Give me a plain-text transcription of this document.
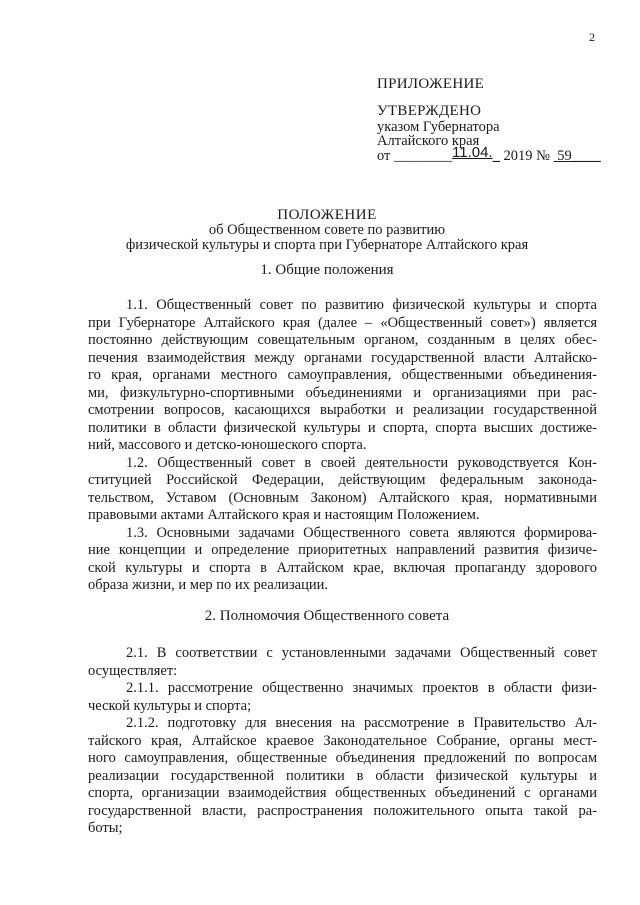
2
ПРИЛОЖЕНИЕ
УТВЕРЖДЕНО
указом Губернатора
Алтайского края
от ________11.04._ 2019 № 59____
ПОЛОЖЕНИЕ
об Общественном совете по развитию
физической культуры и спорта при Губернаторе Алтайского края
1. Общие положения
1.1. Общественный совет по развитию физической культуры и спорта
при Губернаторе Алтайского края (далее – «Общественный совет») является
постоянно действующим совещательным органом, созданным в целях обес-
печения взаимодействия между органами государственной власти Алтайско-
го края, органами местного самоуправления, общественными объединения-
ми, физкультурно-спортивными объединениями и организациями при рас-
смотрении вопросов, касающихся выработки и реализации государственной
политики в области физической культуры и спорта, спорта высших достиже-
ний, массового и детско-юношеского спорта.
1.2. Общественный совет в своей деятельности руководствуется Кон-
ституцией Российской Федерации, действующим федеральным законода-
тельством, Уставом (Основным Законом) Алтайского края, нормативными
правовыми актами Алтайского края и настоящим Положением.
1.3. Основными задачами Общественного совета являются формирова-
ние концепции и определение приоритетных направлений развития физиче-
ской культуры и спорта в Алтайском крае, включая пропаганду здорового
образа жизни, и мер по их реализации.
2. Полномочия Общественного совета
2.1. В соответствии с установленными задачами Общественный совет
осуществляет:
2.1.1. рассмотрение общественно значимых проектов в области физи-
ческой культуры и спорта;
2.1.2. подготовку для внесения на рассмотрение в Правительство Ал-
тайского края, Алтайское краевое Законодательное Собрание, органы мест-
ного самоуправления, общественные объединения предложений по вопросам
реализации государственной политики в области физической культуры и
спорта, организации взаимодействия общественных объединений с органами
государственной власти, распространения положительного опыта такой ра-
боты;
